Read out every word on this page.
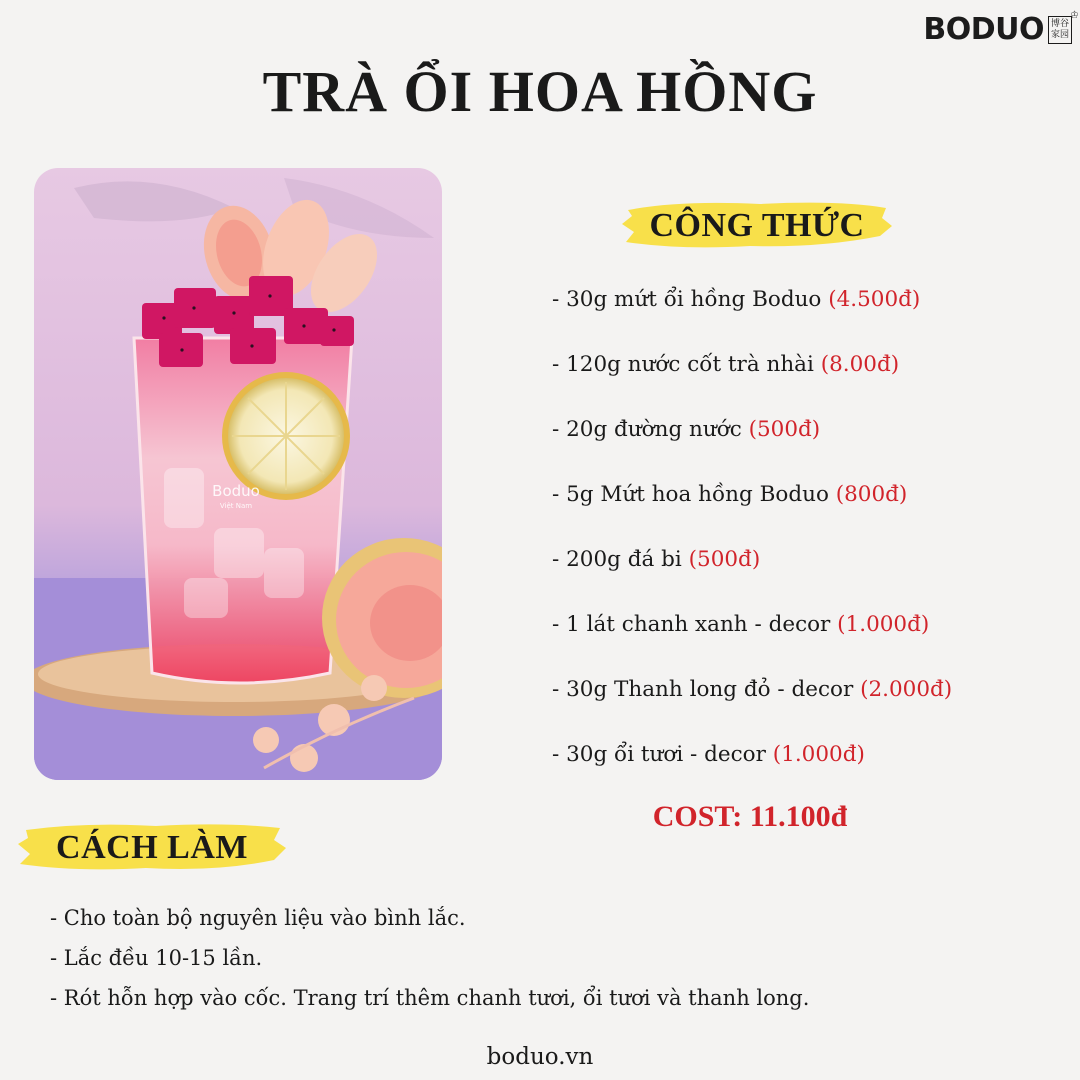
BODUO 博谷
家园
♔
TRÀ ỔI HOA HỒNG
Boduo
Việt Nam
CÔNG THỨC
- 30g mứt ổi hồng Boduo (4.500đ)
- 120g nước cốt trà nhài (8.00đ)
- 20g đường nước (500đ)
- 5g Mứt hoa hồng Boduo (800đ)
- 200g đá bi (500đ)
- 1 lát chanh xanh - decor (1.000đ)
- 30g Thanh long đỏ - decor (2.000đ)
- 30g ổi tươi - decor (1.000đ)
COST: 11.100đ
CÁCH LÀM
- Cho toàn bộ nguyên liệu vào bình lắc.
- Lắc đều 10-15 lần.
- Rót hỗn hợp vào cốc. Trang trí thêm chanh tươi, ổi tươi và thanh long.
boduo.vn
